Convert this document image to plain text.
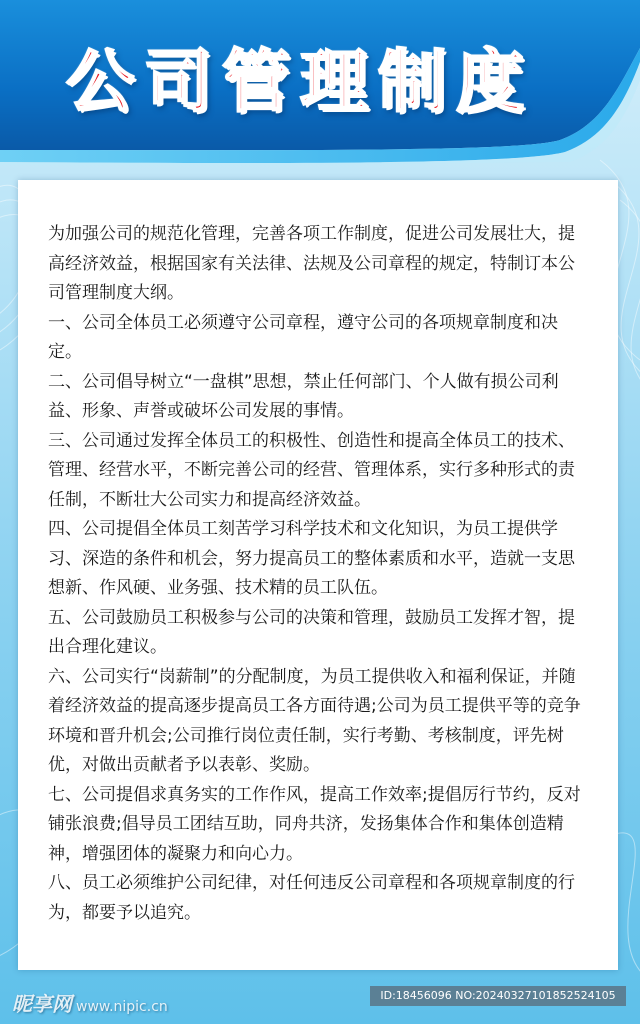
公司管理制度

为加强公司的规范化管理，完善各项工作制度，促进公司发展壮大，提高经济效益，根据国家有关法律、法规及公司章程的规定，特制订本公司管理制度大纲。

一、公司全体员工必须遵守公司章程，遵守公司的各项规章制度和决定。

二、公司倡导树立“一盘棋”思想，禁止任何部门、个人做有损公司利益、形象、声誉或破坏公司发展的事情。

三、公司通过发挥全体员工的积极性、创造性和提高全体员工的技术、管理、经营水平，不断完善公司的经营、管理体系，实行多种形式的责任制，不断壮大公司实力和提高经济效益。

四、公司提倡全体员工刻苦学习科学技术和文化知识，为员工提供学习、深造的条件和机会，努力提高员工的整体素质和水平，造就一支思想新、作风硬、业务强、技术精的员工队伍。

五、公司鼓励员工积极参与公司的决策和管理，鼓励员工发挥才智，提出合理化建议。

六、公司实行“岗薪制”的分配制度，为员工提供收入和福利保证，并随着经济效益的提高逐步提高员工各方面待遇;公司为员工提供平等的竞争环境和晋升机会;公司推行岗位责任制，实行考勤、考核制度，评先树优，对做出贡献者予以表彰、奖励。

七、公司提倡求真务实的工作作风，提高工作效率;提倡厉行节约，反对铺张浪费;倡导员工团结互助，同舟共济，发扬集体合作和集体创造精神，增强团体的凝聚力和向心力。

八、员工必须维护公司纪律，对任何违反公司章程和各项规章制度的行为，都要予以追究。

昵享网 www.nipic.cn
ID:18456096 NO:20240327101852524105
